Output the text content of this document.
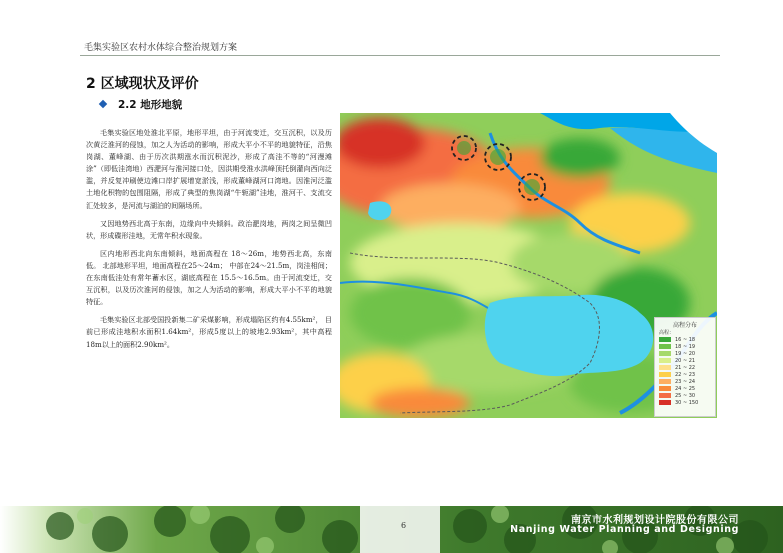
毛集实验区农村水体综合整治规划方案
2 区域现状及评价
2.2 地形地貌

毛集实验区地处淮北平原，地形平坦，由于河流变迁，交互沉积，以及历次黄泛淮河的侵蚀，加之人为活动的影响，形成大平小不平的地貌特征，沿焦岗湖、董峰湖、由于历次洪期涨水而沉积泥沙，形成了高洼不等的“河漫滩涂”（即低洼湾地）西淝河与淮河接口处，因洪期受淮水洪峰顶托倒灌向西向泛滥，并反复冲刷使边滩口岸扩展增宽淤浅，形成董峰湖河口湾地。因淮河泛滥土地化积物的包围阻隔，形成了典型的焦岗湖“牛轭湖”洼地，淮河干、支流交汇处较多，是河流与湖泊的间隔场所。

又因地势西北高于东南，边缘向中央倾斜。政治淝岗地，两岗之间呈微凹状，形成碟形洼地，无常年积水现象。

区内地形西北向东南倾斜，地面高程在 18～26m，地势西北高，东南低。 北部地形平坦，地面高程在25～24m； 中部在24～21.5m，岗洼相间；在东南低洼处有常年蓄水区，湖底高程在 15.5～16.5m。由于河流变迁，交互沉积，以及历次淮河的侵蚀，加之人为活动的影响，形成大平小不平的地貌特征。

毛集实验区北部受国投新集二矿采煤影响，形成塌陷区约有4.55km²， 目前已形成洼地积水面积1.64km²，形成5度以上的坡地2.93km²，其中高程18m以上的面积2.90km²。

高程分布
高程：
16 ~ 18
18 ~ 19
19 ~ 20
20 ~ 21
21 ~ 22
22 ~ 23
23 ~ 24
24 ~ 25
25 ~ 30
30 ~ 150
6	南京市水利规划设计院股份有限公司
Nanjing Water Planning and Designing
